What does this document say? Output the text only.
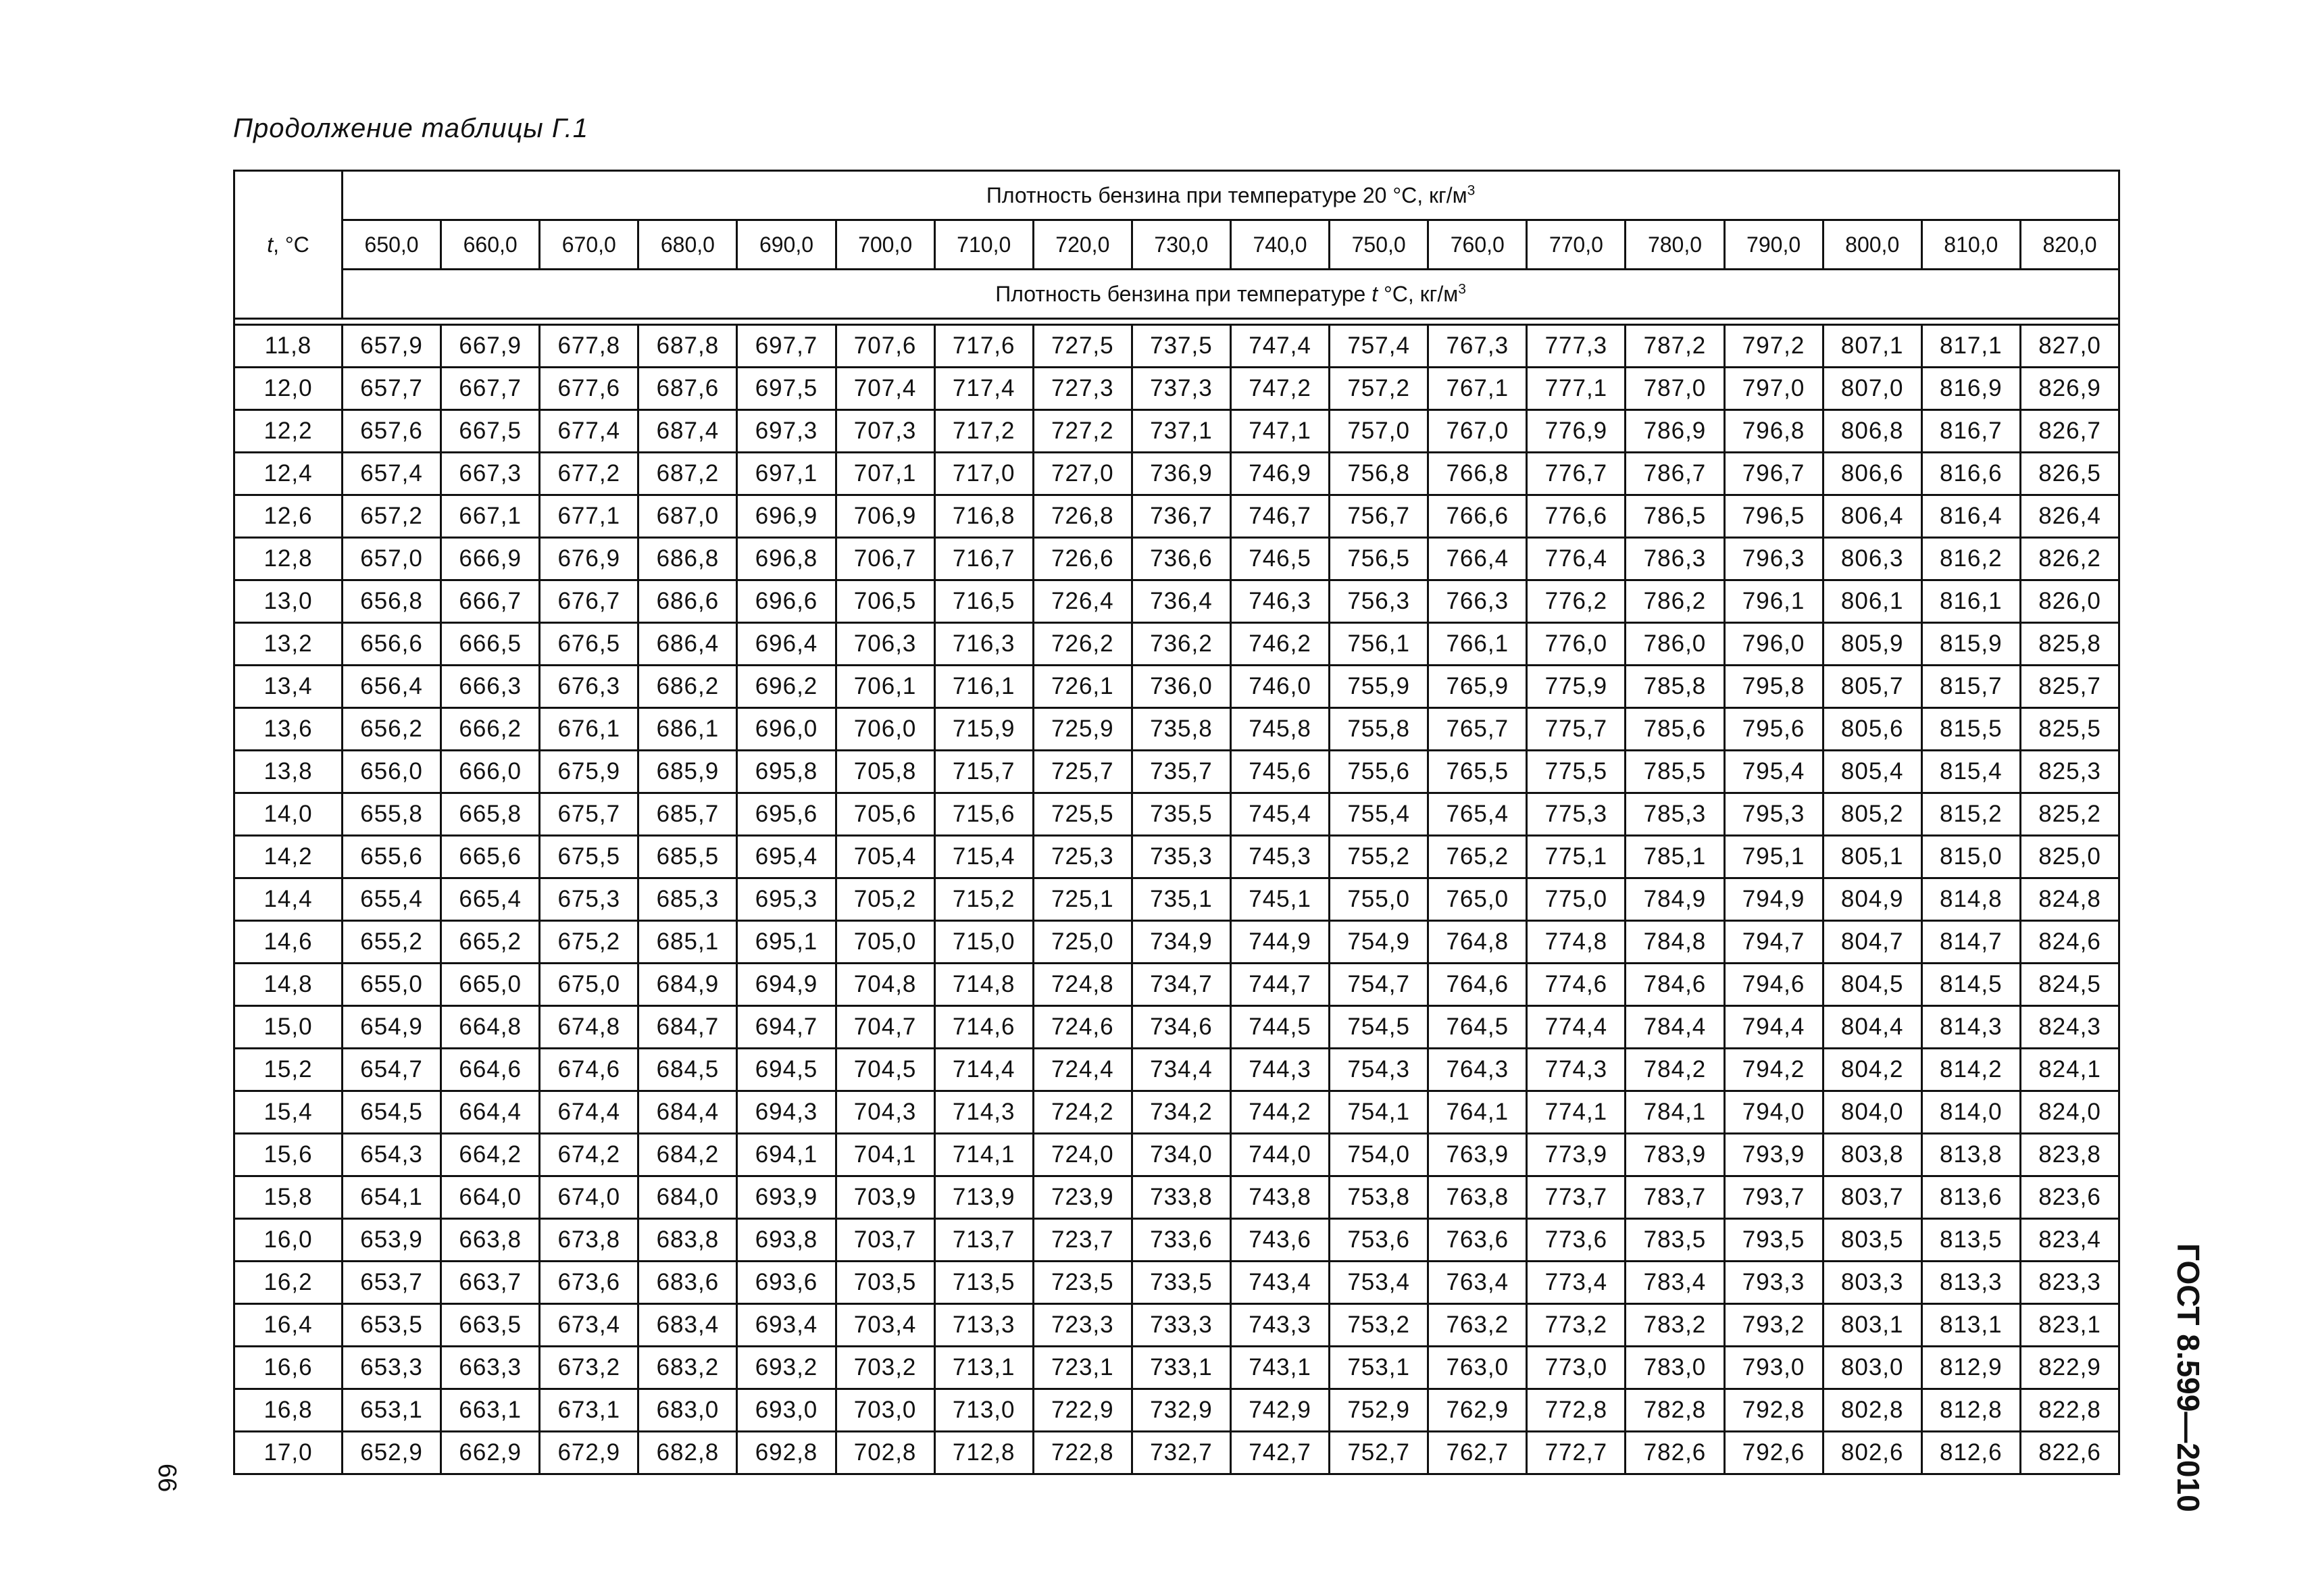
Продолжение таблицы Г.1
t, °С	Плотность бензина при температуре 20 °С, $кг/м^3$
	650,0	660,0	670,0	680,0	690,0	700,0	710,0	720,0	730,0	740,0	750,0	760,0	770,0	780,0	790,0	800,0	810,0	820,0
	Плотность бензина при температуре t °С, $кг/м^3$

11,8	657,9	667,9	677,8	687,8	697,7	707,6	717,6	727,5	737,5	747,4	757,4	767,3	777,3	787,2	797,2	807,1	817,1	827,0
12,0	657,7	667,7	677,6	687,6	697,5	707,4	717,4	727,3	737,3	747,2	757,2	767,1	777,1	787,0	797,0	807,0	816,9	826,9
12,2	657,6	667,5	677,4	687,4	697,3	707,3	717,2	727,2	737,1	747,1	757,0	767,0	776,9	786,9	796,8	806,8	816,7	826,7
12,4	657,4	667,3	677,2	687,2	697,1	707,1	717,0	727,0	736,9	746,9	756,8	766,8	776,7	786,7	796,7	806,6	816,6	826,5
12,6	657,2	667,1	677,1	687,0	696,9	706,9	716,8	726,8	736,7	746,7	756,7	766,6	776,6	786,5	796,5	806,4	816,4	826,4
12,8	657,0	666,9	676,9	686,8	696,8	706,7	716,7	726,6	736,6	746,5	756,5	766,4	776,4	786,3	796,3	806,3	816,2	826,2
13,0	656,8	666,7	676,7	686,6	696,6	706,5	716,5	726,4	736,4	746,3	756,3	766,3	776,2	786,2	796,1	806,1	816,1	826,0
13,2	656,6	666,5	676,5	686,4	696,4	706,3	716,3	726,2	736,2	746,2	756,1	766,1	776,0	786,0	796,0	805,9	815,9	825,8
13,4	656,4	666,3	676,3	686,2	696,2	706,1	716,1	726,1	736,0	746,0	755,9	765,9	775,9	785,8	795,8	805,7	815,7	825,7
13,6	656,2	666,2	676,1	686,1	696,0	706,0	715,9	725,9	735,8	745,8	755,8	765,7	775,7	785,6	795,6	805,6	815,5	825,5
13,8	656,0	666,0	675,9	685,9	695,8	705,8	715,7	725,7	735,7	745,6	755,6	765,5	775,5	785,5	795,4	805,4	815,4	825,3
14,0	655,8	665,8	675,7	685,7	695,6	705,6	715,6	725,5	735,5	745,4	755,4	765,4	775,3	785,3	795,3	805,2	815,2	825,2
14,2	655,6	665,6	675,5	685,5	695,4	705,4	715,4	725,3	735,3	745,3	755,2	765,2	775,1	785,1	795,1	805,1	815,0	825,0
14,4	655,4	665,4	675,3	685,3	695,3	705,2	715,2	725,1	735,1	745,1	755,0	765,0	775,0	784,9	794,9	804,9	814,8	824,8
14,6	655,2	665,2	675,2	685,1	695,1	705,0	715,0	725,0	734,9	744,9	754,9	764,8	774,8	784,8	794,7	804,7	814,7	824,6
14,8	655,0	665,0	675,0	684,9	694,9	704,8	714,8	724,8	734,7	744,7	754,7	764,6	774,6	784,6	794,6	804,5	814,5	824,5
15,0	654,9	664,8	674,8	684,7	694,7	704,7	714,6	724,6	734,6	744,5	754,5	764,5	774,4	784,4	794,4	804,4	814,3	824,3
15,2	654,7	664,6	674,6	684,5	694,5	704,5	714,4	724,4	734,4	744,3	754,3	764,3	774,3	784,2	794,2	804,2	814,2	824,1
15,4	654,5	664,4	674,4	684,4	694,3	704,3	714,3	724,2	734,2	744,2	754,1	764,1	774,1	784,1	794,0	804,0	814,0	824,0
15,6	654,3	664,2	674,2	684,2	694,1	704,1	714,1	724,0	734,0	744,0	754,0	763,9	773,9	783,9	793,9	803,8	813,8	823,8
15,8	654,1	664,0	674,0	684,0	693,9	703,9	713,9	723,9	733,8	743,8	753,8	763,8	773,7	783,7	793,7	803,7	813,6	823,6
16,0	653,9	663,8	673,8	683,8	693,8	703,7	713,7	723,7	733,6	743,6	753,6	763,6	773,6	783,5	793,5	803,5	813,5	823,4
16,2	653,7	663,7	673,6	683,6	693,6	703,5	713,5	723,5	733,5	743,4	753,4	763,4	773,4	783,4	793,3	803,3	813,3	823,3
16,4	653,5	663,5	673,4	683,4	693,4	703,4	713,3	723,3	733,3	743,3	753,2	763,2	773,2	783,2	793,2	803,1	813,1	823,1
16,6	653,3	663,3	673,2	683,2	693,2	703,2	713,1	723,1	733,1	743,1	753,1	763,0	773,0	783,0	793,0	803,0	812,9	822,9
16,8	653,1	663,1	673,1	683,0	693,0	703,0	713,0	722,9	732,9	742,9	752,9	762,9	772,8	782,8	792,8	802,8	812,8	822,8
17,0	652,9	662,9	672,9	682,8	692,8	702,8	712,8	722,8	732,7	742,7	752,7	762,7	772,7	782,6	792,6	802,6	812,6	822,6
66	ГОСТ 8.599—2010
